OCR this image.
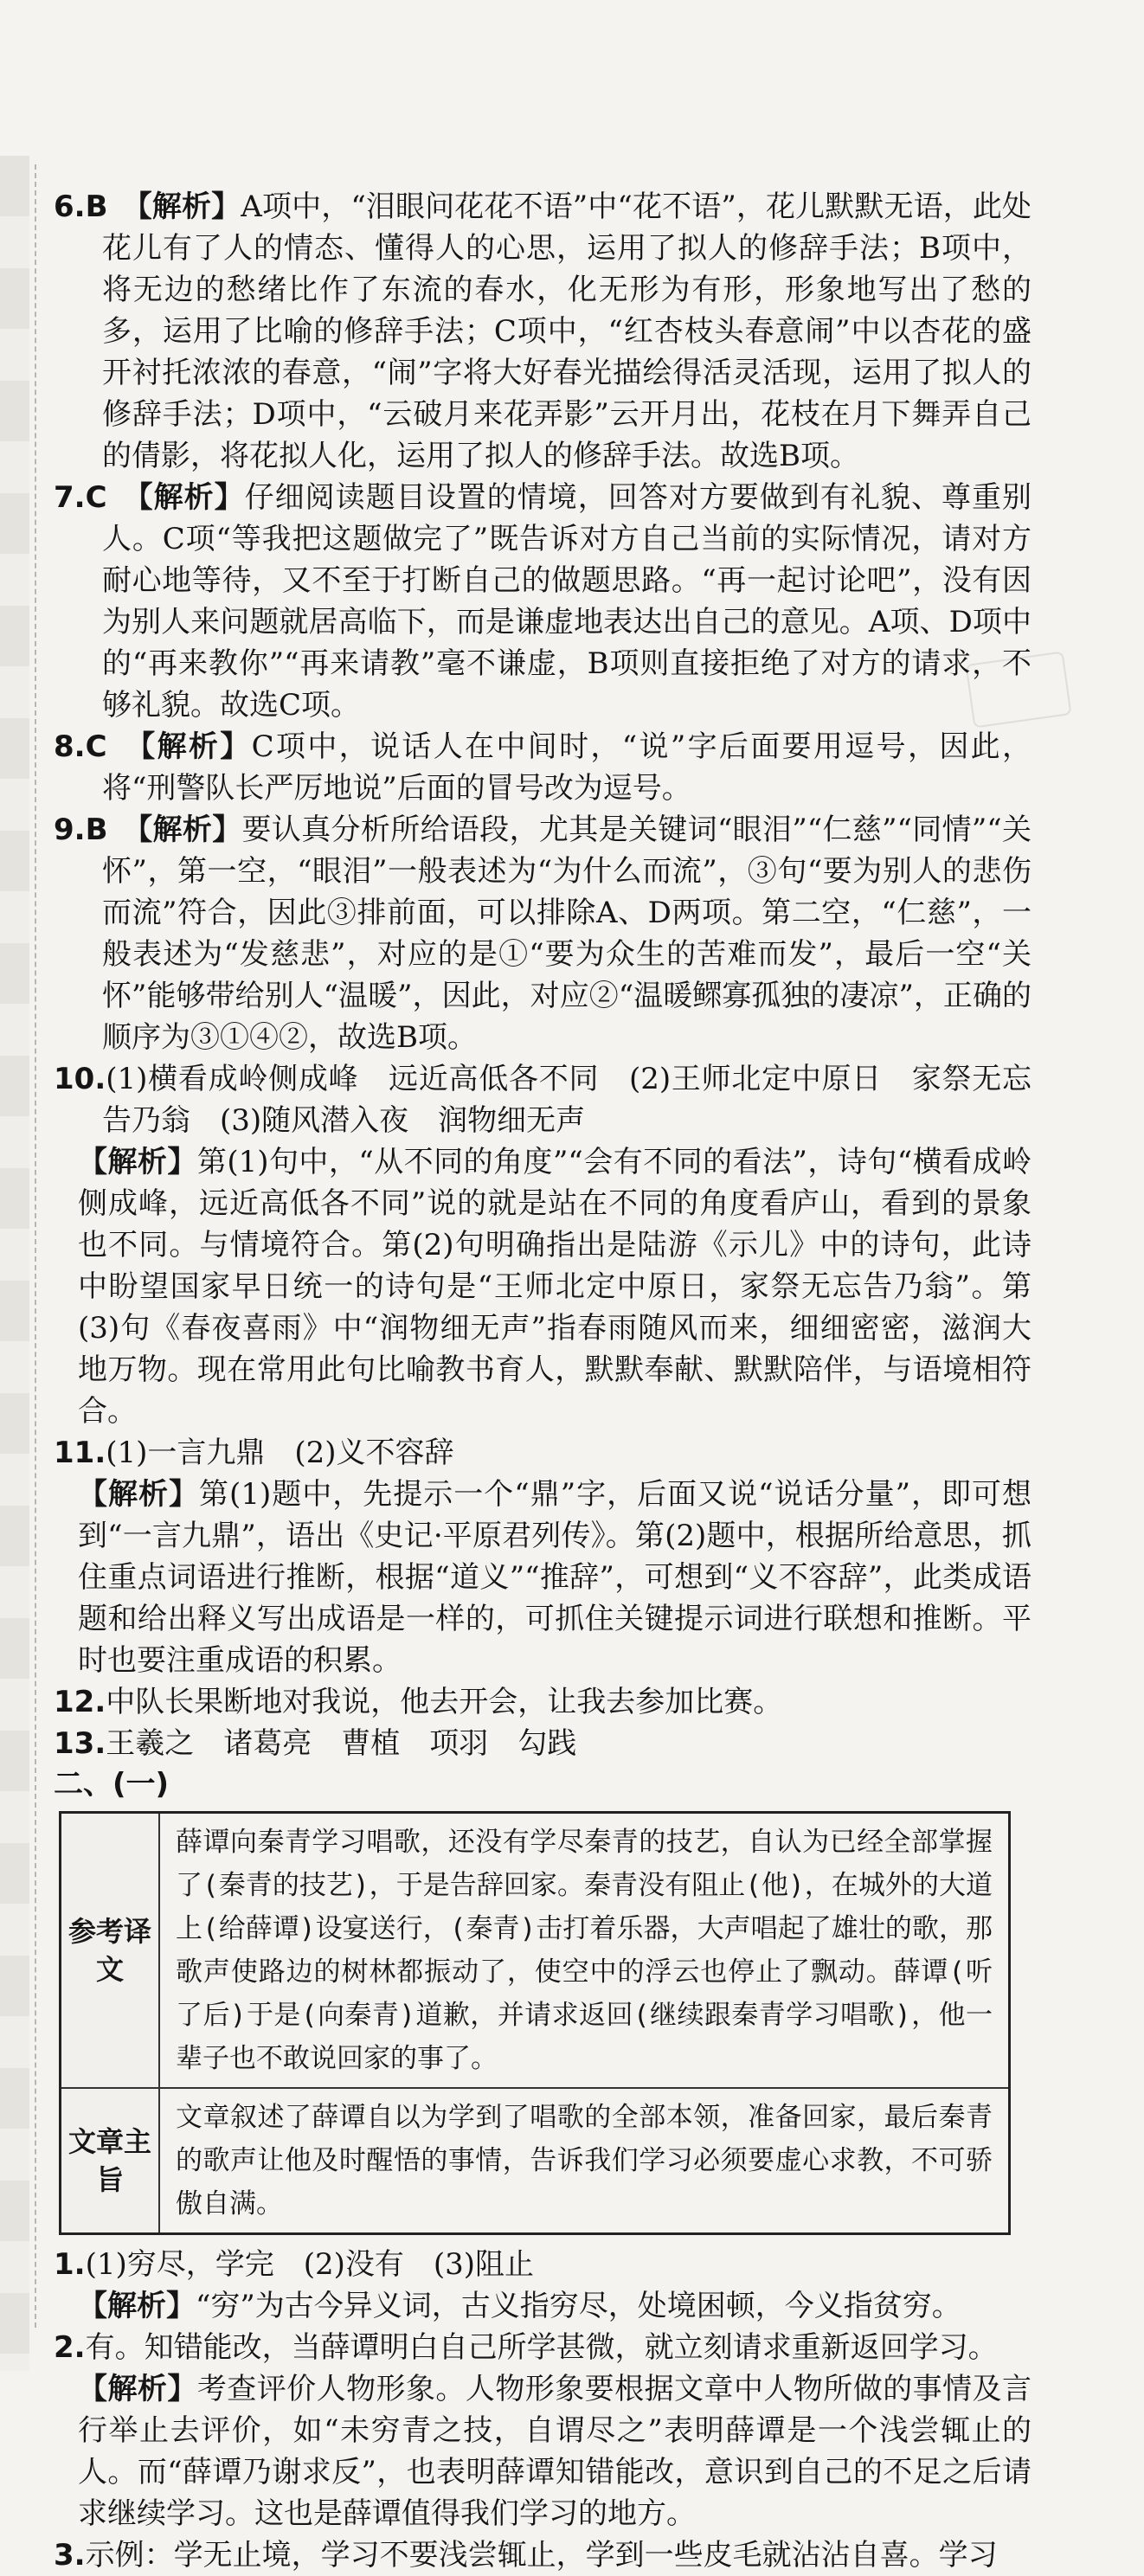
6.B　 【解析】A项中，“泪眼问花花不语”中“花不语”，花儿默默无语，此处花儿有了人的情态、懂得人的心思，运用了拟人的修辞手法；B项中，将无边的愁绪比作了东流的春水，化无形为有形，形象地写出了愁的多，运用了比喻的修辞手法；C项中，“红杏枝头春意闹”中以杏花的盛开衬托浓浓的春意，“闹”字将大好春光描绘得活灵活现，运用了拟人的修辞手法；D项中，“云破月来花弄影”云开月出，花枝在月下舞弄自己的倩影，将花拟人化，运用了拟人的修辞手法。故选B项。
7.C　 【解析】仔细阅读题目设置的情境，回答对方要做到有礼貌、尊重别人。C项“等我把这题做完了”既告诉对方自己当前的实际情况，请对方耐心地等待，又不至于打断自己的做题思路。“再一起讨论吧”，没有因为别人来问题就居高临下，而是谦虚地表达出自己的意见。A项、D项中的“再来教你”“再来请教”毫不谦虚，B项则直接拒绝了对方的请求，不够礼貌。故选C项。
8.C　 【解析】C项中，说话人在中间时，“说”字后面要用逗号，因此，将“刑警队长严厉地说”后面的冒号改为逗号。
9.B　 【解析】要认真分析所给语段，尤其是关键词“眼泪”“仁慈”“同情”“关怀”，第一空，“眼泪”一般表述为“为什么而流”，③句“要为别人的悲伤而流”符合，因此③排前面，可以排除A、D两项。第二空，“仁慈”，一般表述为“发慈悲”，对应的是①“要为众生的苦难而发”，最后一空“关怀”能够带给别人“温暖”，因此，对应②“温暖鳏寡孤独的凄凉”，正确的顺序为③①④②，故选B项。
10.(1)横看成岭侧成峰　远近高低各不同　(2)王师北定中原日　家祭无忘告乃翁　(3)随风潜入夜　润物细无声
【解析】第(1)句中，“从不同的角度”“会有不同的看法”，诗句“横看成岭侧成峰，远近高低各不同”说的就是站在不同的角度看庐山，看到的景象也不同。与情境符合。第(2)句明确指出是陆游《示儿》中的诗句，此诗中盼望国家早日统一的诗句是“王师北定中原日，家祭无忘告乃翁”。第(3)句《春夜喜雨》中“润物细无声”指春雨随风而来，细细密密，滋润大地万物。现在常用此句比喻教书育人，默默奉献、默默陪伴，与语境相符合。
11.(1)一言九鼎　(2)义不容辞
【解析】第(1)题中，先提示一个“鼎”字，后面又说“说话分量”，即可想到“一言九鼎”，语出《史记·平原君列传》。第(2)题中，根据所给意思，抓住重点词语进行推断，根据“道义”“推辞”，可想到“义不容辞”，此类成语题和给出释义写出成语是一样的，可抓住关键提示词进行联想和推断。平时也要注重成语的积累。
12.中队长果断地对我说，他去开会，让我去参加比赛。
13.王羲之　诸葛亮　曹植　项羽　勾践
二、(一)
参考译文	薛谭向秦青学习唱歌，还没有学尽秦青的技艺，自认为已经全部掌握了(秦青的技艺)，于是告辞回家。秦青没有阻止(他)，在城外的大道上(给薛谭)设宴送行，(秦青)击打着乐器，大声唱起了雄壮的歌，那歌声使路边的树林都振动了，使空中的浮云也停止了飘动。薛谭(听了后)于是(向秦青)道歉，并请求返回(继续跟秦青学习唱歌)，他一辈子也不敢说回家的事了。
文章主旨	文章叙述了薛谭自以为学到了唱歌的全部本领，准备回家，最后秦青的歌声让他及时醒悟的事情，告诉我们学习必须要虚心求教，不可骄傲自满。
1.(1)穷尽，学完　(2)没有　(3)阻止
【解析】“穷”为古今异义词，古义指穷尽，处境困顿，今义指贫穷。
2.有。知错能改，当薛谭明白自己所学甚微，就立刻请求重新返回学习。
【解析】考查评价人物形象。人物形象要根据文章中人物所做的事情及言行举止去评价，如“未穷青之技，自谓尽之”表明薛谭是一个浅尝辄止的人。而“薛谭乃谢求反”，也表明薛谭知错能改，意识到自己的不足之后请求继续学习。这也是薛谭值得我们学习的地方。
3.示例：学无止境，学习不要浅尝辄止，学到一些皮毛就沾沾自喜。学习
